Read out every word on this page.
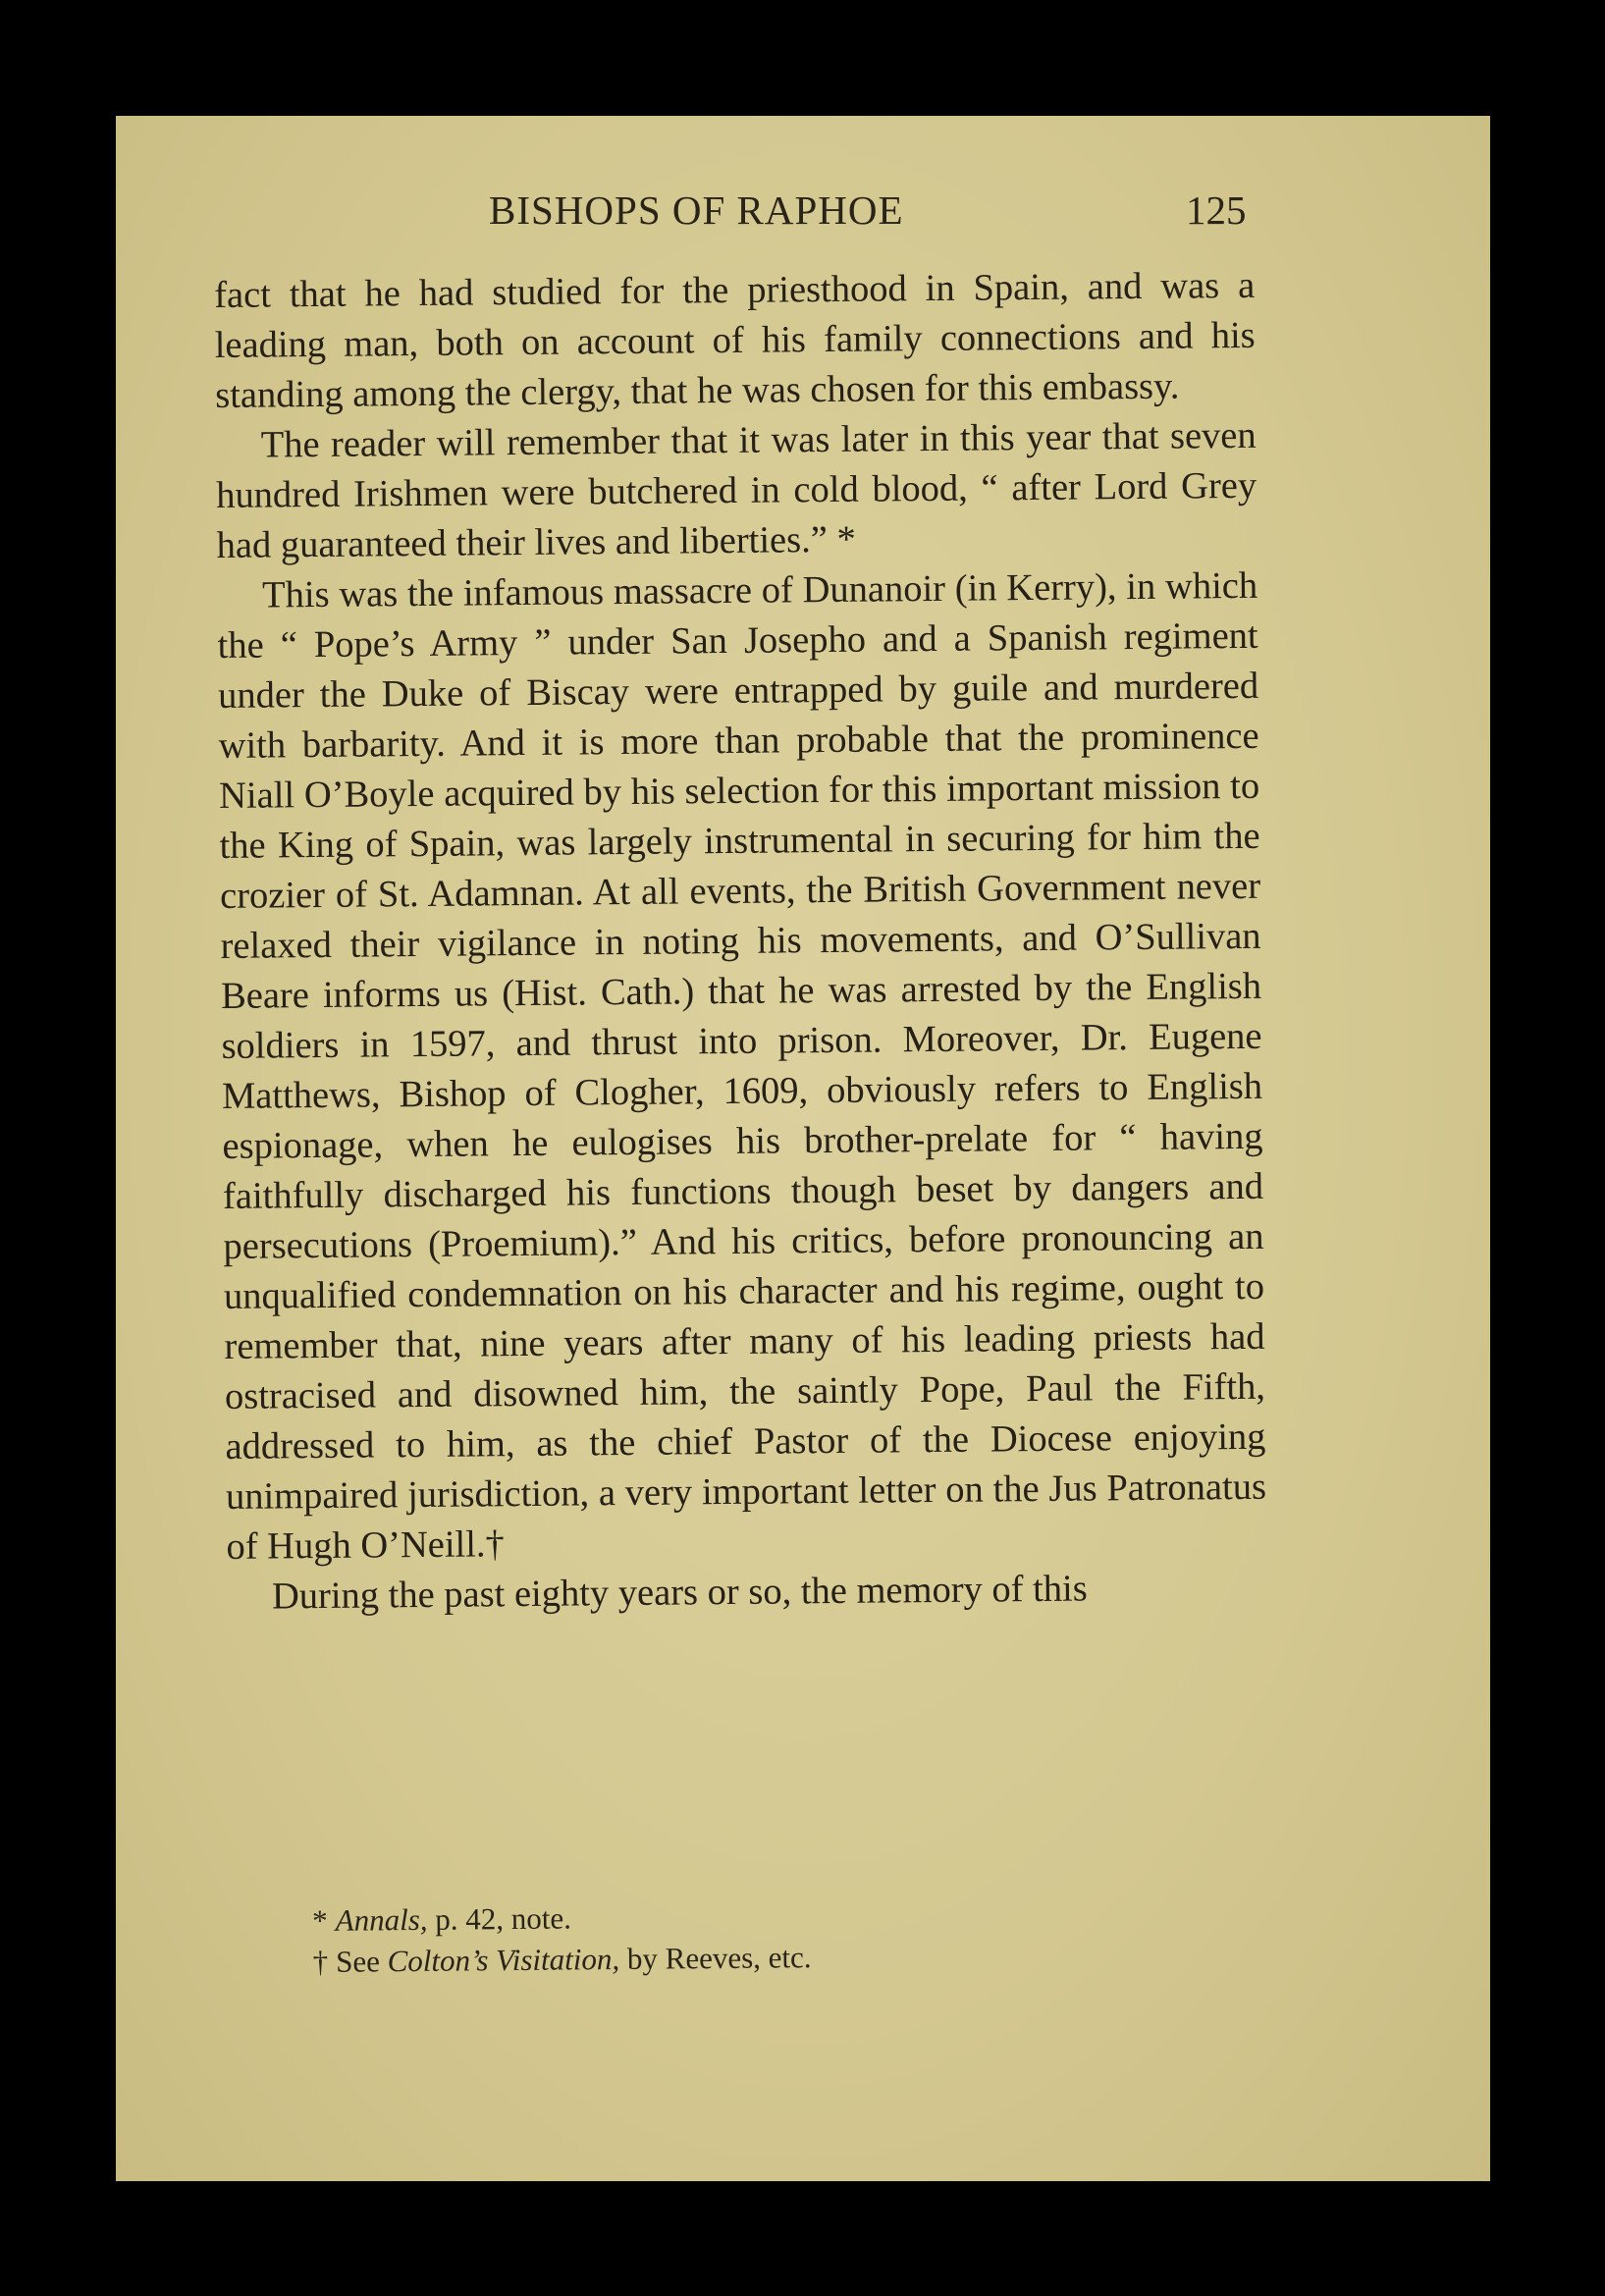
BISHOPS OF RAPHOE	125

fact that he had studied for the priesthood in Spain, and was a leading man, both on account of his family connections and his standing among the clergy, that he was chosen for this embassy.

The reader will remember that it was later in this year that seven hundred Irishmen were butchered in cold blood, “ after Lord Grey had guaranteed their lives and liberties.” *

This was the infamous massacre of Dunanoir (in Kerry), in which the “ Pope’s Army ” under San Josepho and a Spanish regiment under the Duke of Biscay were entrapped by guile and murdered with barbarity. And it is more than probable that the prominence Niall O’Boyle acquired by his selection for this important mission to the King of Spain, was largely instrumental in securing for him the crozier of St. Adamnan. At all events, the British Government never relaxed their vigilance in noting his movements, and O’Sullivan Beare informs us (Hist. Cath.) that he was arrested by the English soldiers in 1597, and thrust into prison. Moreover, Dr. Eugene Matthews, Bishop of Clogher, 1609, obviously refers to English espionage, when he eulogises his brother-prelate for “ having faithfully discharged his functions though beset by dangers and persecutions (Proemium).” And his critics, before pronouncing an unqualified condemnation on his character and his regime, ought to remember that, nine years after many of his leading priests had ostracised and disowned him, the saintly Pope, Paul the Fifth, addressed to him, as the chief Pastor of the Diocese enjoying unimpaired jurisdiction, a very important letter on the Jus Patronatus of Hugh O’Neill.†

During the past eighty years or so, the memory of this

* Annals, p. 42, note.

† See Colton’s Visitation, by Reeves, etc.
